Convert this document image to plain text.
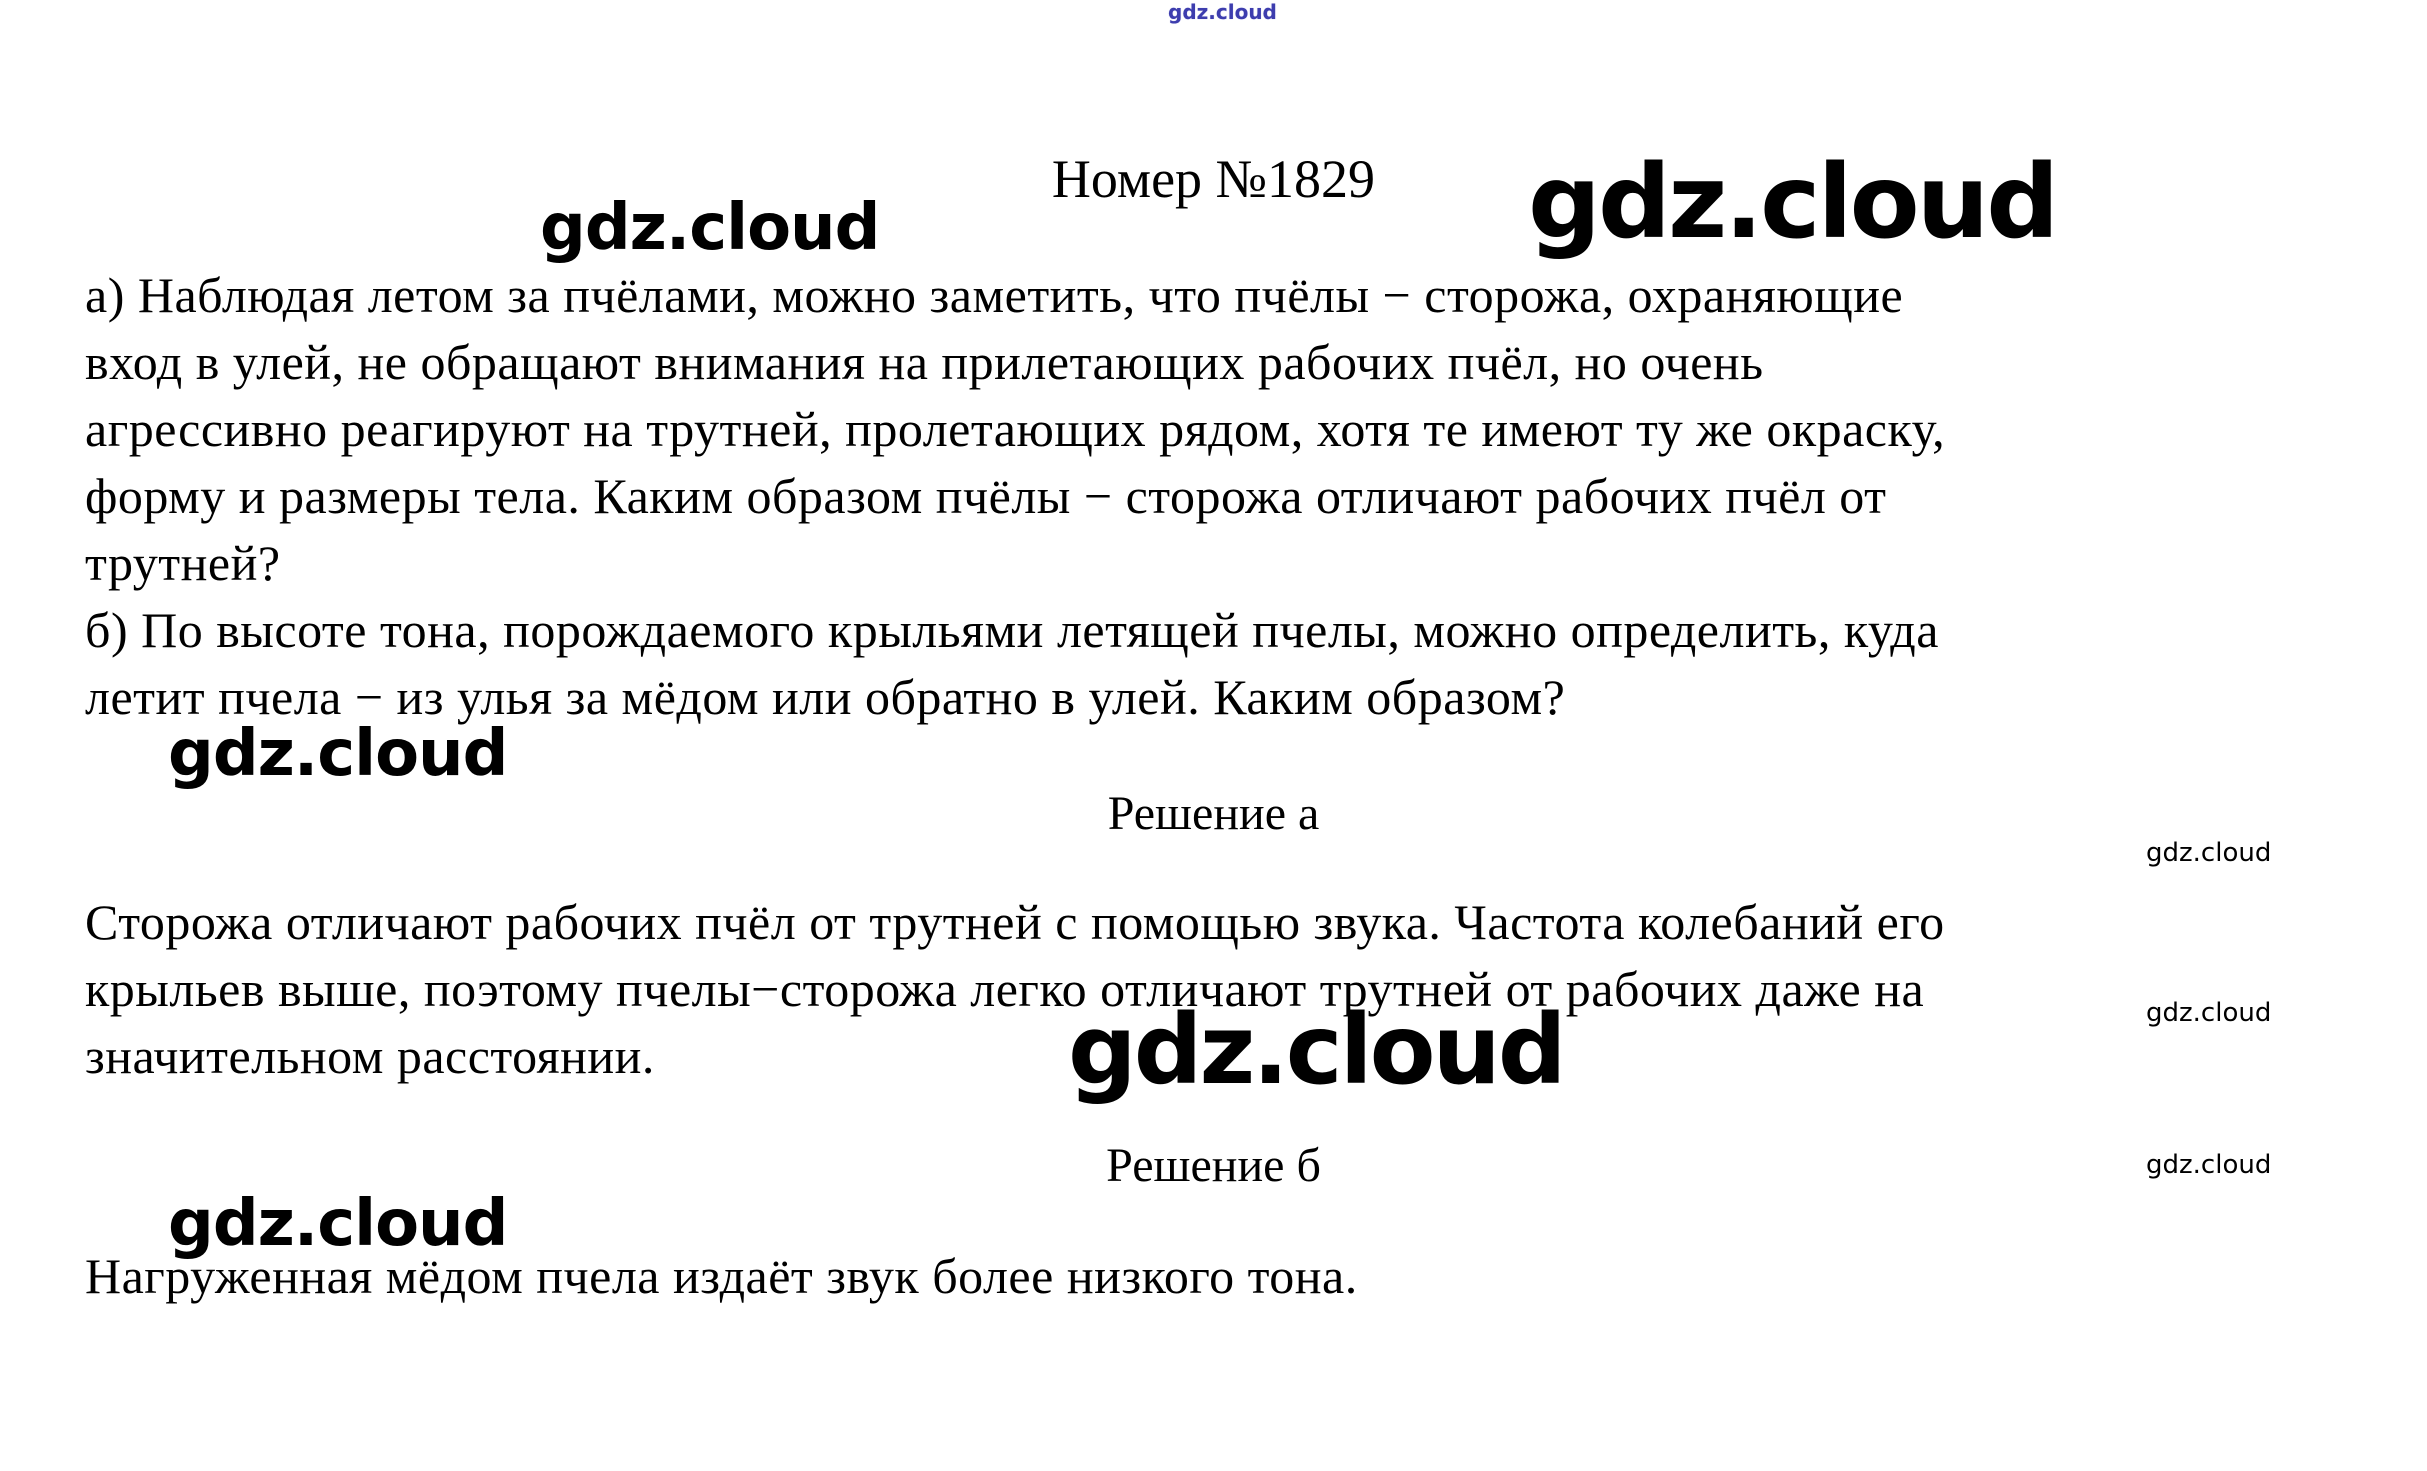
gdz.cloud
gdz.cloud	gdz.cloud
gdz.cloud
gdz.cloud
gdz.cloud
gdz.cloud
gdz.cloud
gdz.cloud
Номер №1829
а) Наблюдая летом за пчёлами, можно заметить, что пчёлы − сторожа, охраняющие
вход в улей, не обращают внимания на прилетающих рабочих пчёл, но очень
агрессивно реагируют на трутней, пролетающих рядом, хотя те имеют ту же окраску,
форму и размеры тела. Каким образом пчёлы − сторожа отличают рабочих пчёл от
трутней?
б) По высоте тона, порождаемого крыльями летящей пчелы, можно определить, куда
летит пчела − из улья за мёдом или обратно в улей. Каким образом?
Решение а
Сторожа отличают рабочих пчёл от трутней с помощью звука. Частота колебаний его
крыльев выше, поэтому пчелы−сторожа легко отличают трутней от рабочих даже на
значительном расстоянии.
Решение б
Нагруженная мёдом пчела издаёт звук более низкого тона.
